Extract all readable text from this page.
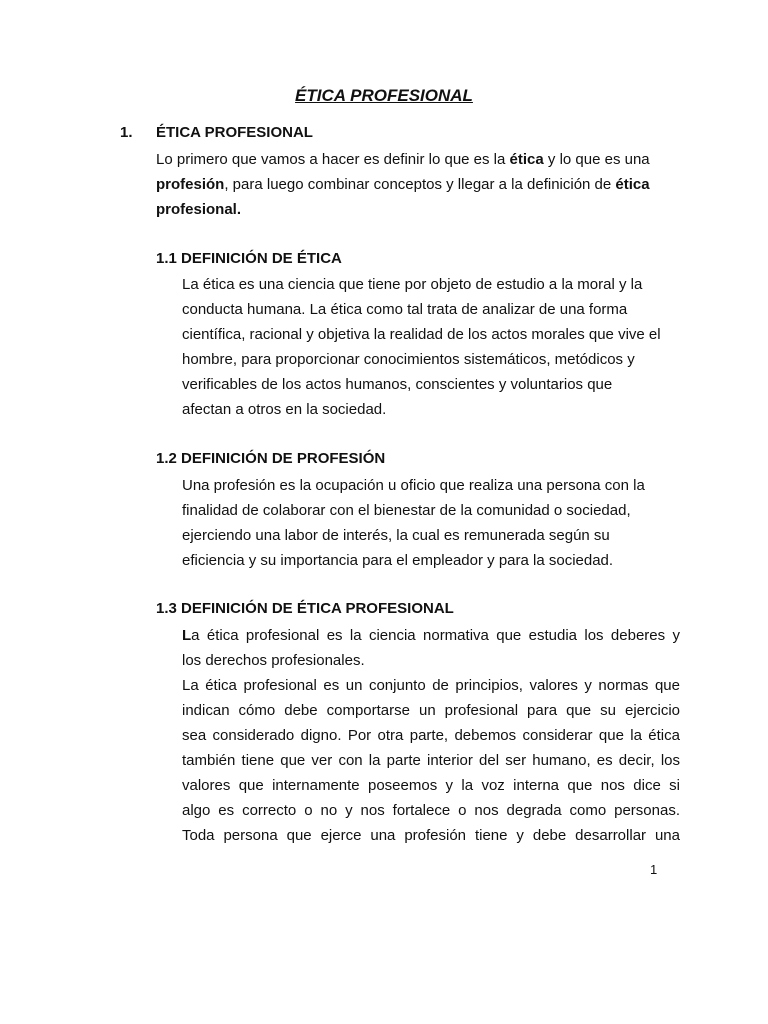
ÉTICA PROFESIONAL
1. ÉTICA PROFESIONAL
Lo primero que vamos a hacer es definir lo que es la ética y lo que es una
profesión, para luego combinar conceptos y llegar a la definición de ética
profesional.
1.1 DEFINICIÓN DE ÉTICA
La ética es una ciencia que tiene por objeto de estudio a la moral y la
conducta humana. La ética como tal trata de analizar de una forma
científica, racional y objetiva la realidad de los actos morales que vive el
hombre, para proporcionar conocimientos sistemáticos, metódicos y
verificables de los actos humanos, conscientes y voluntarios que
afectan a otros en la sociedad.
1.2 DEFINICIÓN DE PROFESIÓN
Una profesión es la ocupación u oficio que realiza una persona con la
finalidad de colaborar con el bienestar de la comunidad o sociedad,
ejerciendo una labor de interés, la cual es remunerada según su
eficiencia y su importancia para el empleador y para la sociedad.
1.3 DEFINICIÓN DE ÉTICA PROFESIONAL
La ética profesional es la ciencia normativa que estudia los deberes y
los derechos profesionales.
La ética profesional es un conjunto de principios, valores y normas que
indican cómo debe comportarse un profesional para que su ejercicio
sea considerado digno. Por otra parte, debemos considerar que la ética
también tiene que ver con la parte interior del ser humano, es decir, los
valores que internamente poseemos y la voz interna que nos dice si
algo es correcto o no y nos fortalece o nos degrada como personas.
Toda persona que ejerce una profesión tiene y debe desarrollar una
1
